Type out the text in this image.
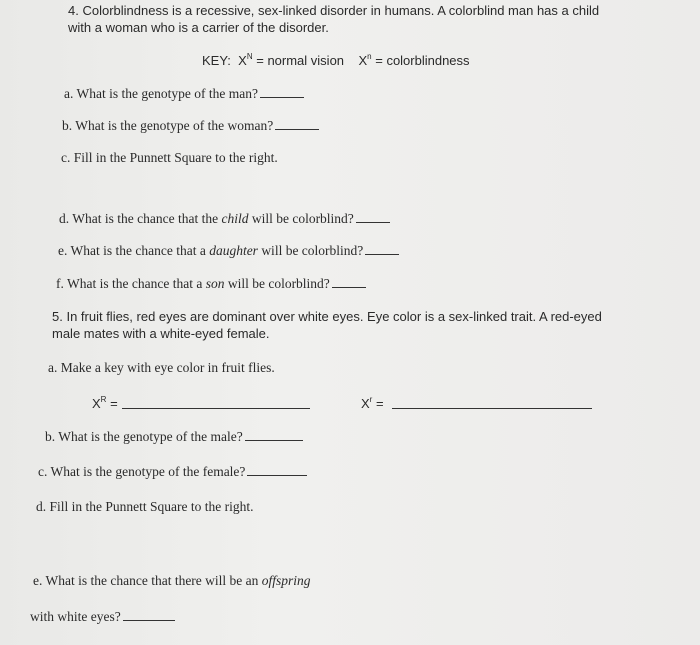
4. Colorblindness is a recessive, sex-linked disorder in humans. A colorblind man has a child
with a woman who is a carrier of the disorder.
KEY: $X^N$ = normal vision $X^n$ = colorblindness
a. What is the genotype of the man?
b. What is the genotype of the woman?
c. Fill in the Punnett Square to the right.
d. What is the chance that the child will be colorblind?
e. What is the chance that a daughter will be colorblind?
f. What is the chance that a son will be colorblind?
5. In fruit flies, red eyes are dominant over white eyes. Eye color is a sex-linked trait. A red-eyed
male mates with a white-eyed female.
a. Make a key with eye color in fruit flies.
$X^R$ =	$X^r$ =
b. What is the genotype of the male?
c. What is the genotype of the female?
d. Fill in the Punnett Square to the right.
e. What is the chance that there will be an offspring
with white eyes?
